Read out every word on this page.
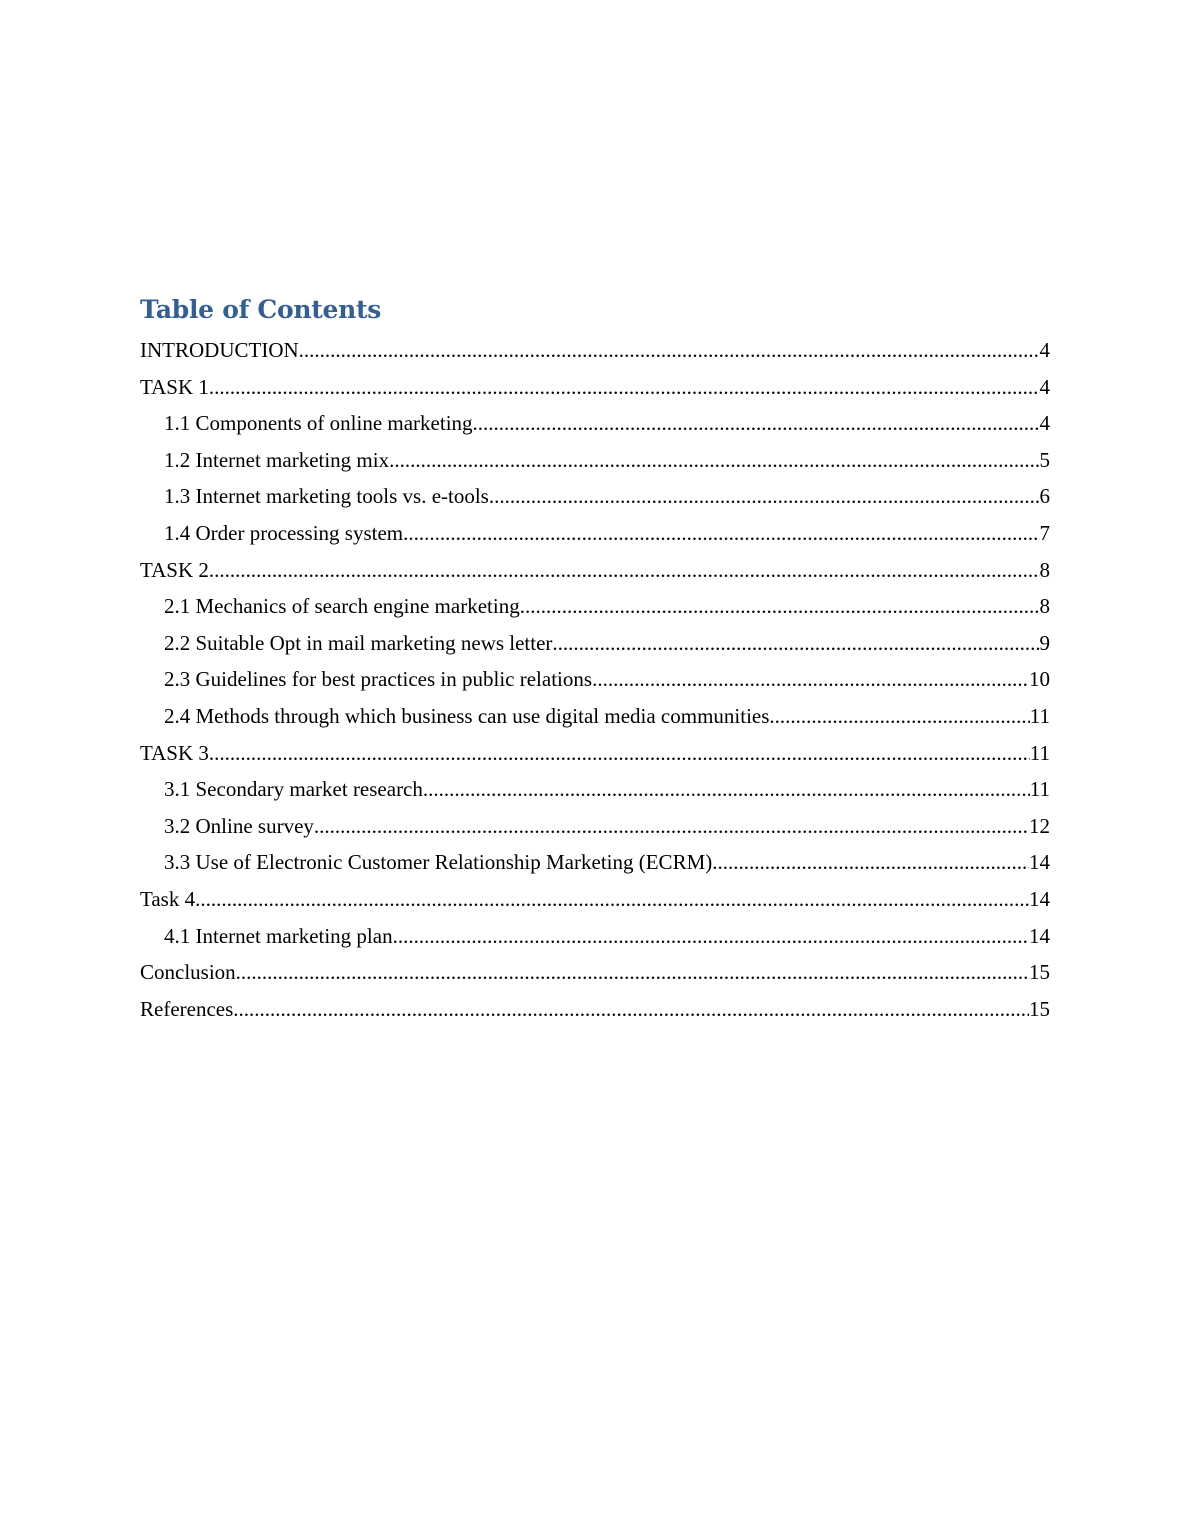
Table of Contents
INTRODUCTION .....	4
TASK 1 .....	4
1.1 Components of online marketing .....	4
1.2 Internet marketing mix .....	5
1.3 Internet marketing tools vs. e-tools .....	6
1.4 Order processing system .....	7
TASK 2 .....	8
2.1 Mechanics of search engine marketing .....	8
2.2 Suitable Opt in mail marketing news letter .....	9
2.3 Guidelines for best practices in public relations .....	10
2.4 Methods through which business can use digital media communities .....	11
TASK 3 .....	11
3.1 Secondary market research .....	11
3.2 Online survey .....	12
3.3 Use of Electronic Customer Relationship Marketing (ECRM) .....	14
Task 4 .....	14
4.1 Internet marketing plan .....	14
Conclusion .....	15
References .....	15
